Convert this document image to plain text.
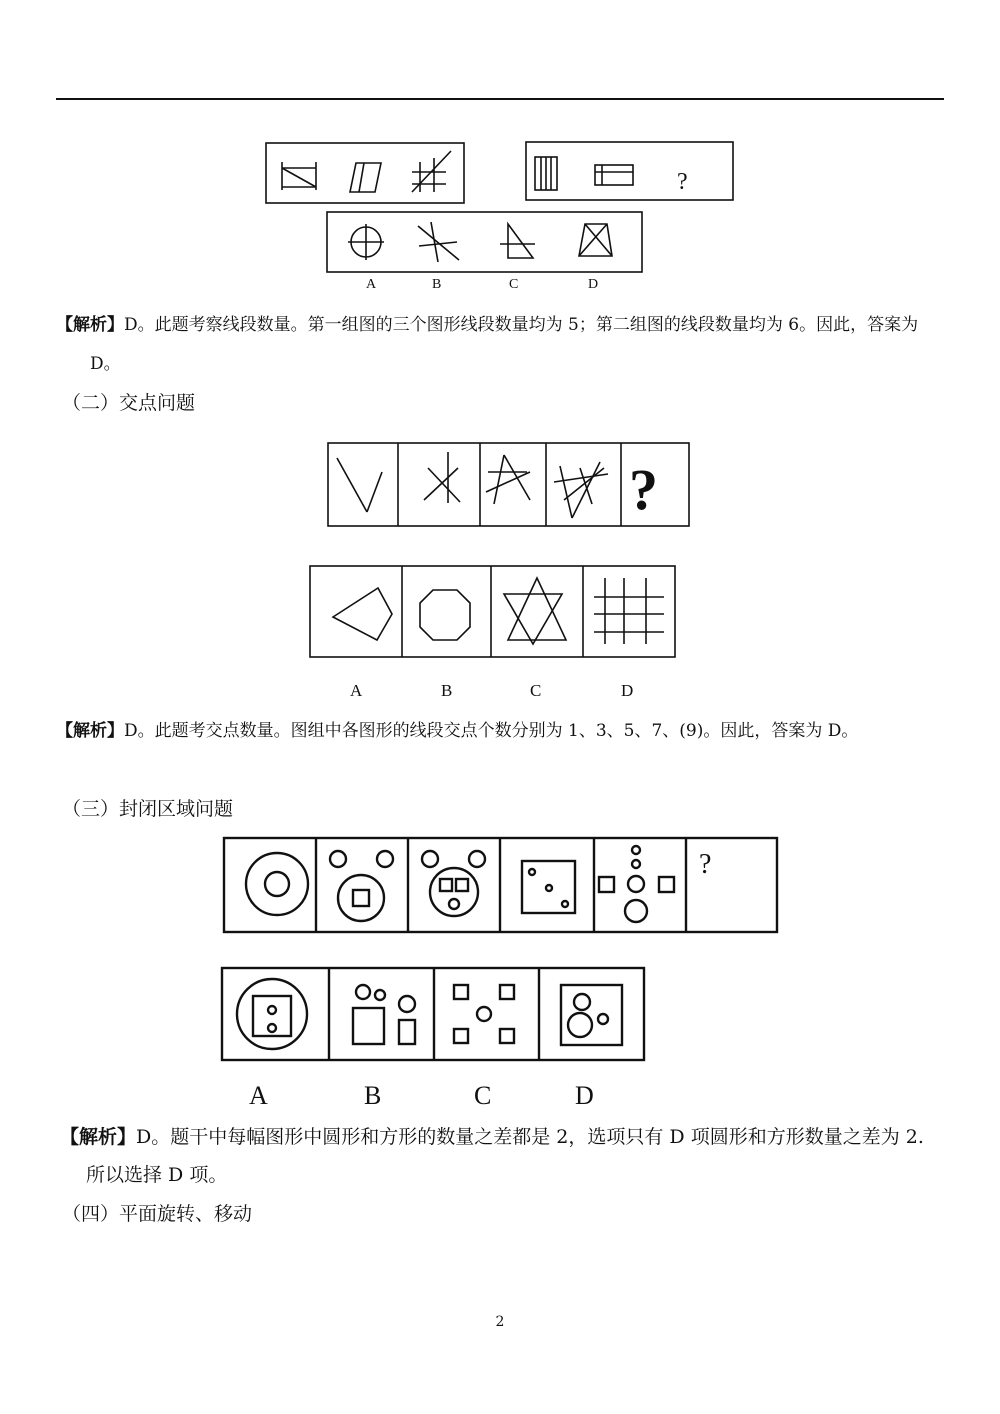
?
A	B	C	D
【解析】D。此题考察线段数量。第一组图的三个图形线段数量均为 5；第二组图的线段数量均为 6。因此，答案为
D。
（二）交点问题
?
A	B	C	D
【解析】D。此题考交点数量。图组中各图形的线段交点个数分别为 1、3、5、7、(9)。因此，答案为 D。
（三）封闭区域问题
?
A	B	C	D
【解析】D。题干中每幅图形中圆形和方形的数量之差都是 2，选项只有 D 项圆形和方形数量之差为 2.
所以选择 D 项。
（四）平面旋转、移动
2
